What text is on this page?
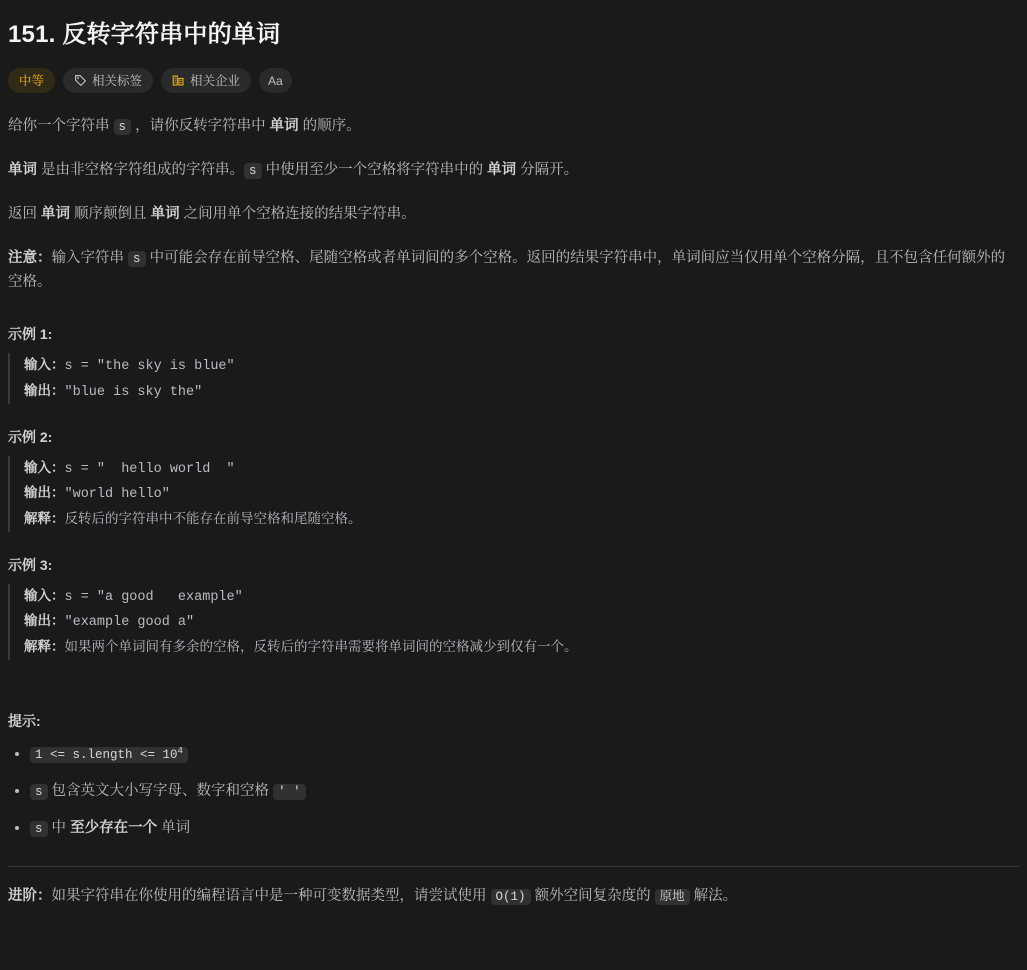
151. 反转字符串中的单词
中等	相关标签	相关企业 Aa

给你一个字符串 s ，请你反转字符串中 单词 的顺序。

单词 是由非空格字符组成的字符串。 s 中使用至少一个空格将字符串中的 单词 分隔开。

返回 单词 顺序颠倒且 单词 之间用单个空格连接的结果字符串。

注意：输入字符串 s 中可能会存在前导空格、尾随空格或者单词间的多个空格。返回的结果字符串中，单词间应当仅用单个空格分隔，且不包含任何额外的空格。

示例 1:
输入：s = "the sky is blue"
输出："blue is sky the"
示例 2:
输入：s = "  hello world  "
输出："world hello"
解释：反转后的字符串中不能存在前导空格和尾随空格。
示例 3:
输入：s = "a good   example"
输出："example good a"
解释：如果两个单词间有多余的空格，反转后的字符串需要将单词间的空格减少到仅有一个。
提示:
• 1 <= s.length <= $10^4$
• s 包含英文大小写字母、数字和空格 ' '
• s 中 至少存在一个 单词

进阶：如果字符串在你使用的编程语言中是一种可变数据类型，请尝试使用 O(1) 额外空间复杂度的 原地 解法。
